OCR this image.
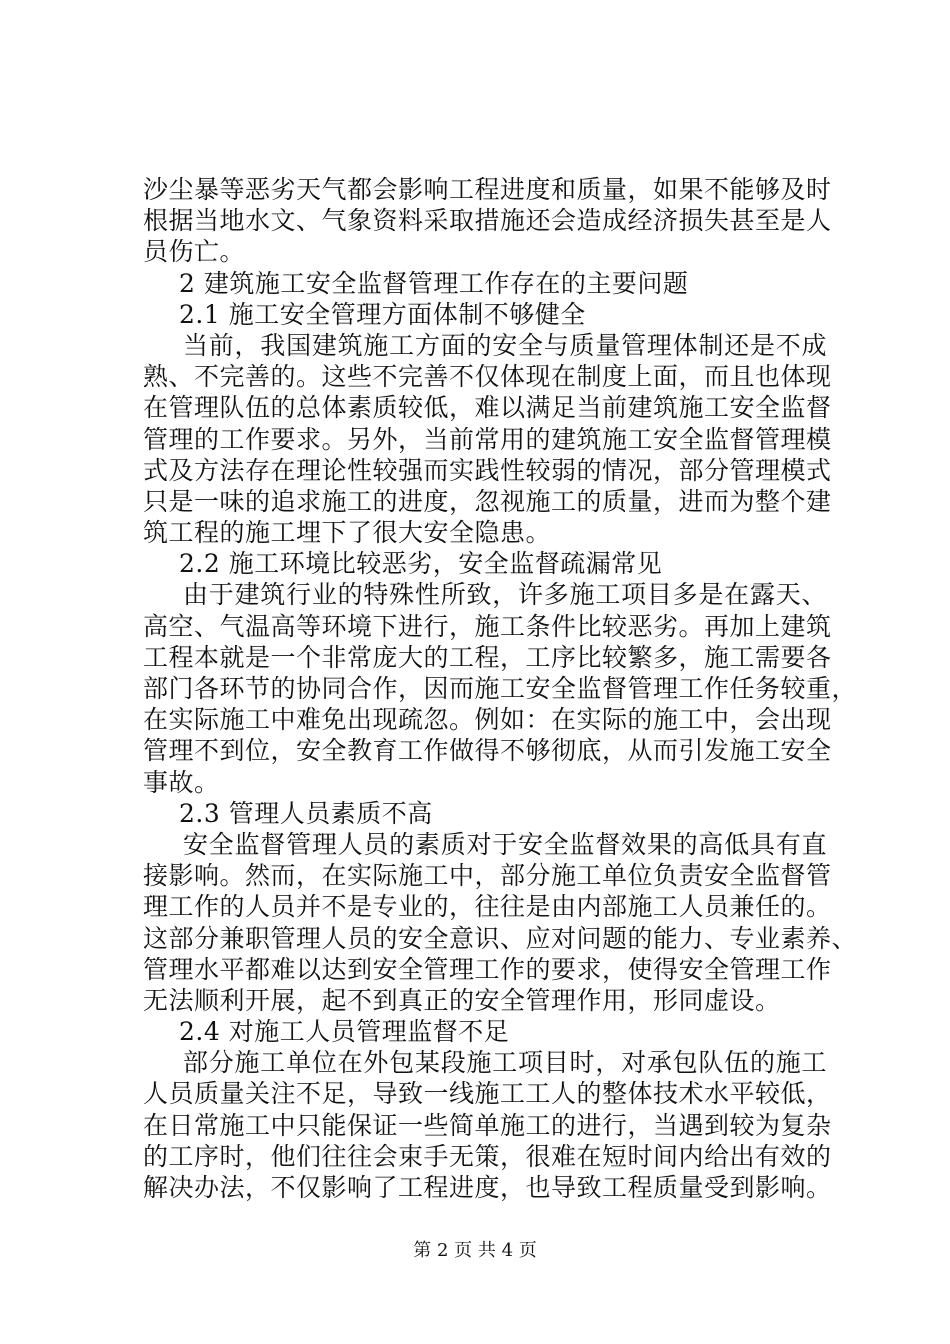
沙尘暴等恶劣天气都会影响工程进度和质量，如果不能够及时
根据当地水文、气象资料采取措施还会造成经济损失甚至是人
员伤亡。
2 建筑施工安全监督管理工作存在的主要问题
2.1 施工安全管理方面体制不够健全
当前，我国建筑施工方面的安全与质量管理体制还是不成
熟、不完善的。这些不完善不仅体现在制度上面，而且也体现
在管理队伍的总体素质较低，难以满足当前建筑施工安全监督
管理的工作要求。另外，当前常用的建筑施工安全监督管理模
式及方法存在理论性较强而实践性较弱的情况，部分管理模式
只是一味的追求施工的进度，忽视施工的质量，进而为整个建
筑工程的施工埋下了很大安全隐患。
2.2 施工环境比较恶劣，安全监督疏漏常见
由于建筑行业的特殊性所致，许多施工项目多是在露天、
高空、气温高等环境下进行，施工条件比较恶劣。再加上建筑
工程本就是一个非常庞大的工程，工序比较繁多，施工需要各
部门各环节的协同合作，因而施工安全监督管理工作任务较重，
在实际施工中难免出现疏忽。例如：在实际的施工中，会出现
管理不到位，安全教育工作做得不够彻底，从而引发施工安全
事故。
2.3 管理人员素质不高
安全监督管理人员的素质对于安全监督效果的高低具有直
接影响。然而，在实际施工中，部分施工单位负责安全监督管
理工作的人员并不是专业的，往往是由内部施工人员兼任的。
这部分兼职管理人员的安全意识、应对问题的能力、专业素养、
管理水平都难以达到安全管理工作的要求，使得安全管理工作
无法顺利开展，起不到真正的安全管理作用，形同虚设。
2.4 对施工人员管理监督不足
部分施工单位在外包某段施工项目时，对承包队伍的施工
人员质量关注不足，导致一线施工工人的整体技术水平较低，
在日常施工中只能保证一些简单施工的进行，当遇到较为复杂
的工序时，他们往往会束手无策，很难在短时间内给出有效的
解决办法，不仅影响了工程进度，也导致工程质量受到影响。
第 2 页 共 4 页
